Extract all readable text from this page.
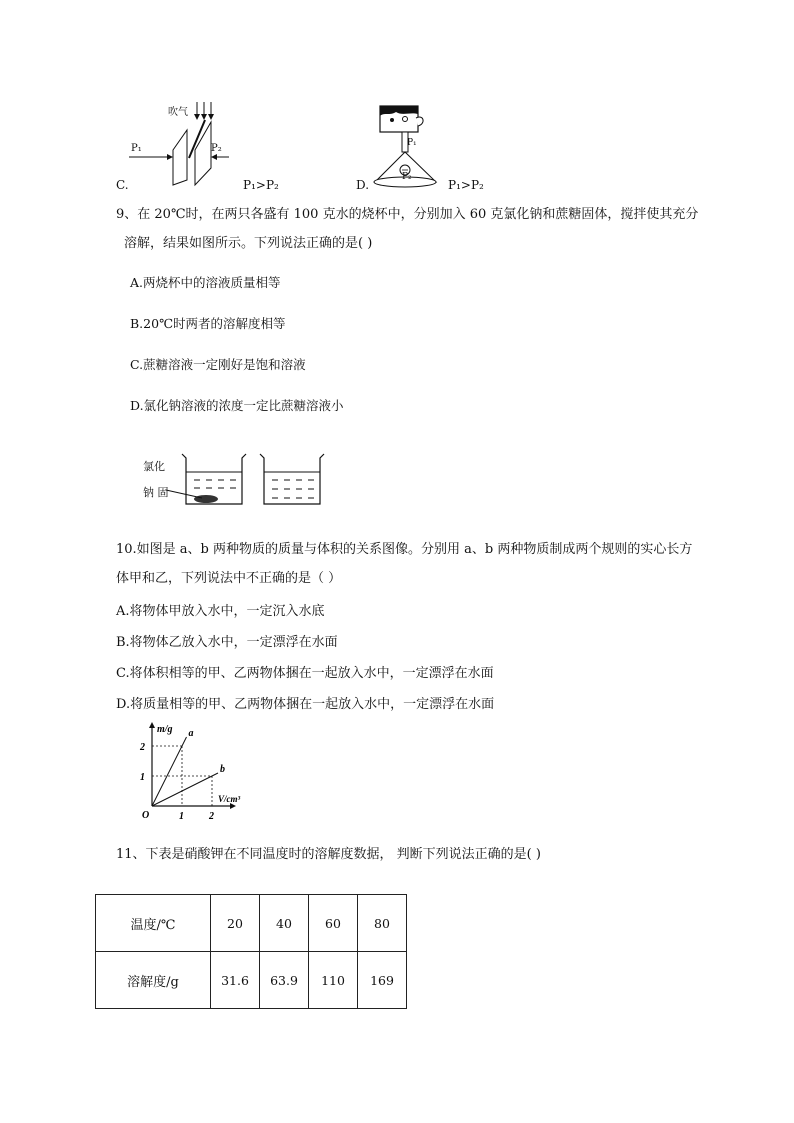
吹气
P₁	P₂
C.	P₁>P₂
P₁
P₂
D.	P₁>P₂
9、在 20℃时，在两只各盛有 100 克水的烧杯中，分别加入 60 克氯化钠和蔗糖固体，搅拌使其充分
溶解，结果如图所示。下列说法正确的是( )
A.两烧杯中的溶液质量相等
B.20℃时两者的溶解度相等
C.蔗糖溶液一定刚好是饱和溶液
D.氯化钠溶液的浓度一定比蔗糖溶液小
氯化
钠 固
10.如图是 a、b 两种物质的质量与体积的关系图像。分别用 a、b 两种物质制成两个规则的实心长方
体甲和乙，下列说法中不正确的是（ ）
A.将物体甲放入水中，一定沉入水底
B.将物体乙放入水中，一定漂浮在水面
C.将体积相等的甲、乙两物体捆在一起放入水中，一定漂浮在水面
D.将质量相等的甲、乙两物体捆在一起放入水中，一定漂浮在水面
m/g
V/cm³
O	1	2
1
2
a
b
11、下表是硝酸钾在不同温度时的溶解度数据， 判断下列说法正确的是( )
温度/℃	20	40	60	80
溶解度/g	31.6	63.9	110	169
